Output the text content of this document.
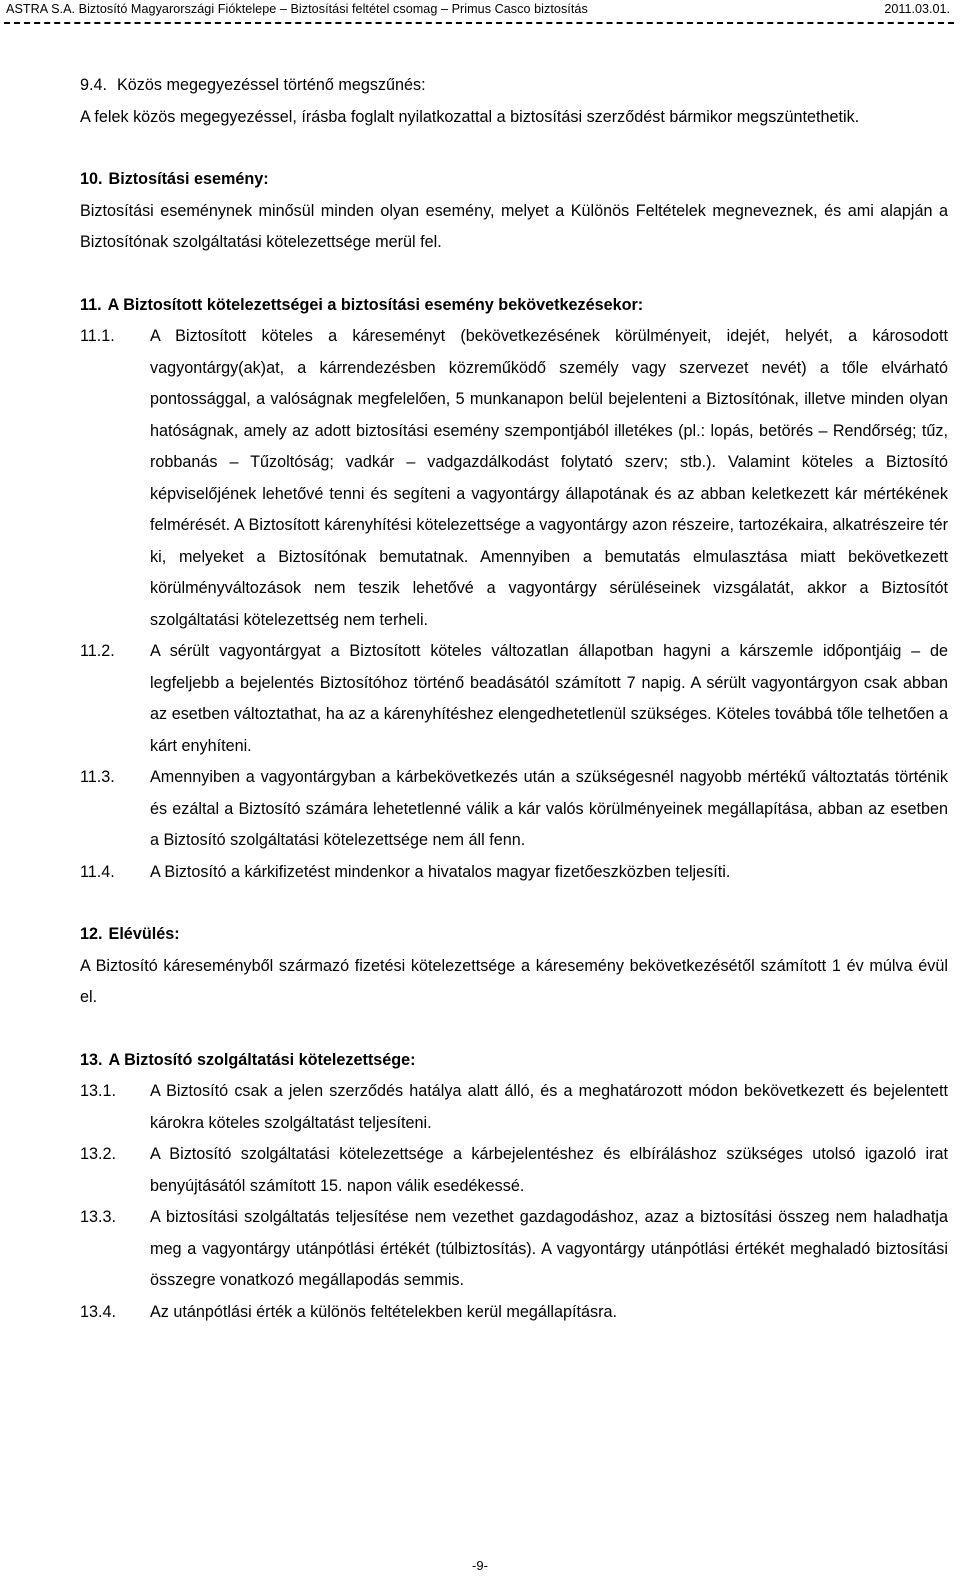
ASTRA S.A. Biztosító Magyarországi Fióktelepe – Biztosítási feltétel csomag – Primus Casco biztosítás	2011.03.01.
9.4. Közös megegyezéssel történő megszűnés:
A felek közös megegyezéssel, írásba foglalt nyilatkozattal a biztosítási szerződést bármikor megszüntethetik.
10. Biztosítási esemény:
Biztosítási eseménynek minősül minden olyan esemény, melyet a Különös Feltételek megneveznek, és ami alapján a Biztosítónak szolgáltatási kötelezettsége merül fel.
11. A Biztosított kötelezettségei a biztosítási esemény bekövetkezésekor:
11.1.	A Biztosított köteles a káreseményt (bekövetkezésének körülményeit, idejét, helyét, a károsodott vagyontárgy(ak)at, a kárrendezésben közreműködő személy vagy szervezet nevét) a tőle elvárható pontossággal, a valóságnak megfelelően, 5 munkanapon belül bejelenteni a Biztosítónak, illetve minden olyan hatóságnak, amely az adott biztosítási esemény szempontjából illetékes (pl.: lopás, betörés – Rendőrség; tűz, robbanás – Tűzoltóság; vadkár – vadgazdálkodást folytató szerv; stb.). Valamint köteles a Biztosító képviselőjének lehetővé tenni és segíteni a vagyontárgy állapotának és az abban keletkezett kár mértékének felmérését. A Biztosított kárenyhítési kötelezettsége a vagyontárgy azon részeire, tartozékaira, alkatrészeire tér ki, melyeket a Biztosítónak bemutatnak. Amennyiben a bemutatás elmulasztása miatt bekövetkezett körülményváltozások nem teszik lehetővé a vagyontárgy sérüléseinek vizsgálatát, akkor a Biztosítót szolgáltatási kötelezettség nem terheli.
11.2.	A sérült vagyontárgyat a Biztosított köteles változatlan állapotban hagyni a kárszemle időpontjáig – de legfeljebb a bejelentés Biztosítóhoz történő beadásától számított 7 napig. A sérült vagyontárgyon csak abban az esetben változtathat, ha az a kárenyhítéshez elengedhetetlenül szükséges. Köteles továbbá tőle telhetően a kárt enyhíteni.
11.3.	Amennyiben a vagyontárgyban a kárbekövetkezés után a szükségesnél nagyobb mértékű változtatás történik és ezáltal a Biztosító számára lehetetlenné válik a kár valós körülményeinek megállapítása, abban az esetben a Biztosító szolgáltatási kötelezettsége nem áll fenn.
11.4.	A Biztosító a kárkifizetést mindenkor a hivatalos magyar fizetőeszközben teljesíti.
12. Elévülés:
A Biztosító káreseményből származó fizetési kötelezettsége a káresemény bekövetkezésétől számított 1 év múlva évül el.
13. A Biztosító szolgáltatási kötelezettsége:
13.1.	A Biztosító csak a jelen szerződés hatálya alatt álló, és a meghatározott módon bekövetkezett és bejelentett károkra köteles szolgáltatást teljesíteni.
13.2.	A Biztosító szolgáltatási kötelezettsége a kárbejelentéshez és elbíráláshoz szükséges utolsó igazoló irat benyújtásától számított 15. napon válik esedékessé.
13.3.	A biztosítási szolgáltatás teljesítése nem vezethet gazdagodáshoz, azaz a biztosítási összeg nem haladhatja meg a vagyontárgy utánpótlási értékét (túlbiztosítás). A vagyontárgy utánpótlási értékét meghaladó biztosítási összegre vonatkozó megállapodás semmis.
13.4.	Az utánpótlási érték a különös feltételekben kerül megállapításra.
-9-
